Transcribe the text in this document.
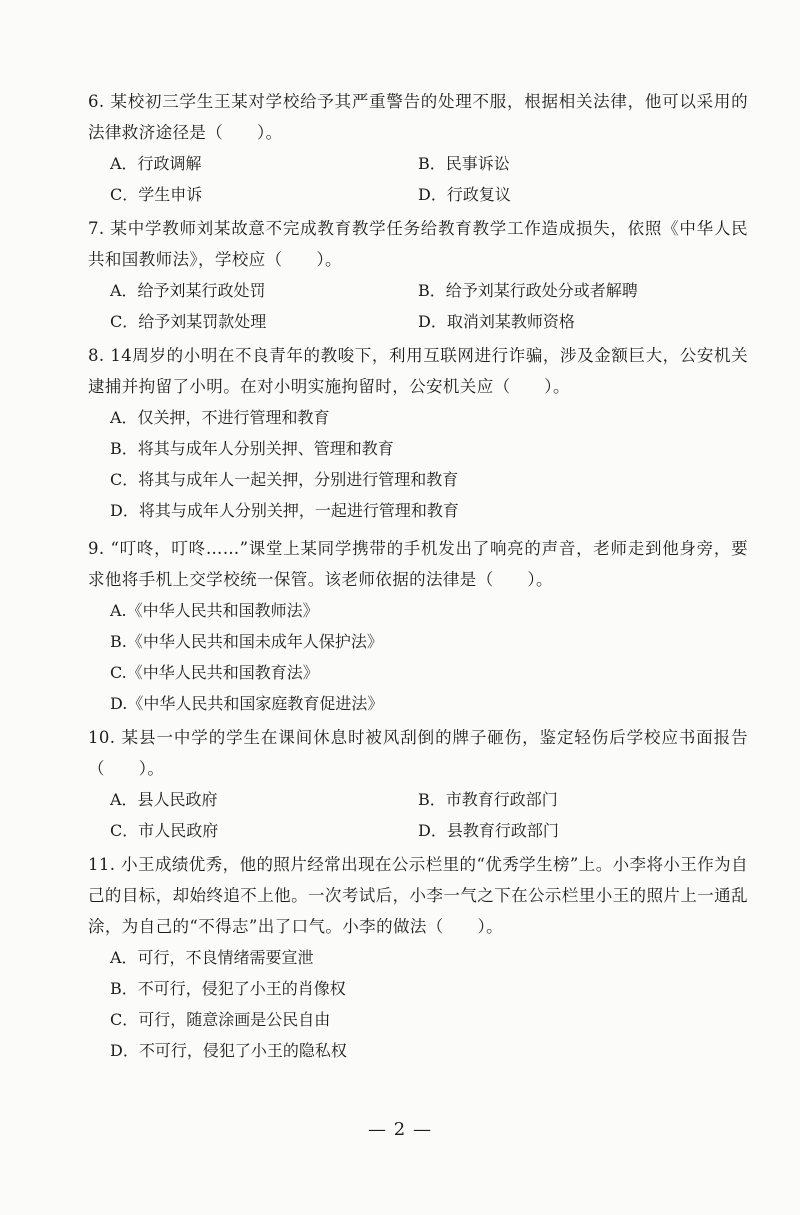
6. 某校初三学生王某对学校给予其严重警告的处理不服，根据相关法律，他可以采用的法律救济途径是（　　）。

A．行政调解	B．民事诉讼
C．学生申诉	D．行政复议

7. 某中学教师刘某故意不完成教育教学任务给教育教学工作造成损失，依照《中华人民共和国教师法》，学校应（　　）。

A．给予刘某行政处罚	B．给予刘某行政处分或者解聘
C．给予刘某罚款处理	D．取消刘某教师资格

8. 14周岁的小明在不良青年的教唆下，利用互联网进行诈骗，涉及金额巨大，公安机关逮捕并拘留了小明。在对小明实施拘留时，公安机关应（　　）。

A．仅关押，不进行管理和教育
B．将其与成年人分别关押、管理和教育
C．将其与成年人一起关押，分别进行管理和教育
D．将其与成年人分别关押，一起进行管理和教育

9. “叮咚，叮咚……”课堂上某同学携带的手机发出了响亮的声音，老师走到他身旁，要求他将手机上交学校统一保管。该老师依据的法律是（　　）。

A.《中华人民共和国教师法》
B.《中华人民共和国未成年人保护法》
C.《中华人民共和国教育法》
D.《中华人民共和国家庭教育促进法》

10. 某县一中学的学生在课间休息时被风刮倒的牌子砸伤，鉴定轻伤后学校应书面报告（　　）。

A．县人民政府	B．市教育行政部门
C．市人民政府	D．县教育行政部门

11. 小王成绩优秀，他的照片经常出现在公示栏里的“优秀学生榜”上。小李将小王作为自己的目标，却始终追不上他。一次考试后，小李一气之下在公示栏里小王的照片上一通乱涂，为自己的“不得志”出了口气。小李的做法（　　）。

A．可行，不良情绪需要宣泄
B．不可行，侵犯了小王的肖像权
C．可行，随意涂画是公民自由
D．不可行，侵犯了小王的隐私权
— 2 —
